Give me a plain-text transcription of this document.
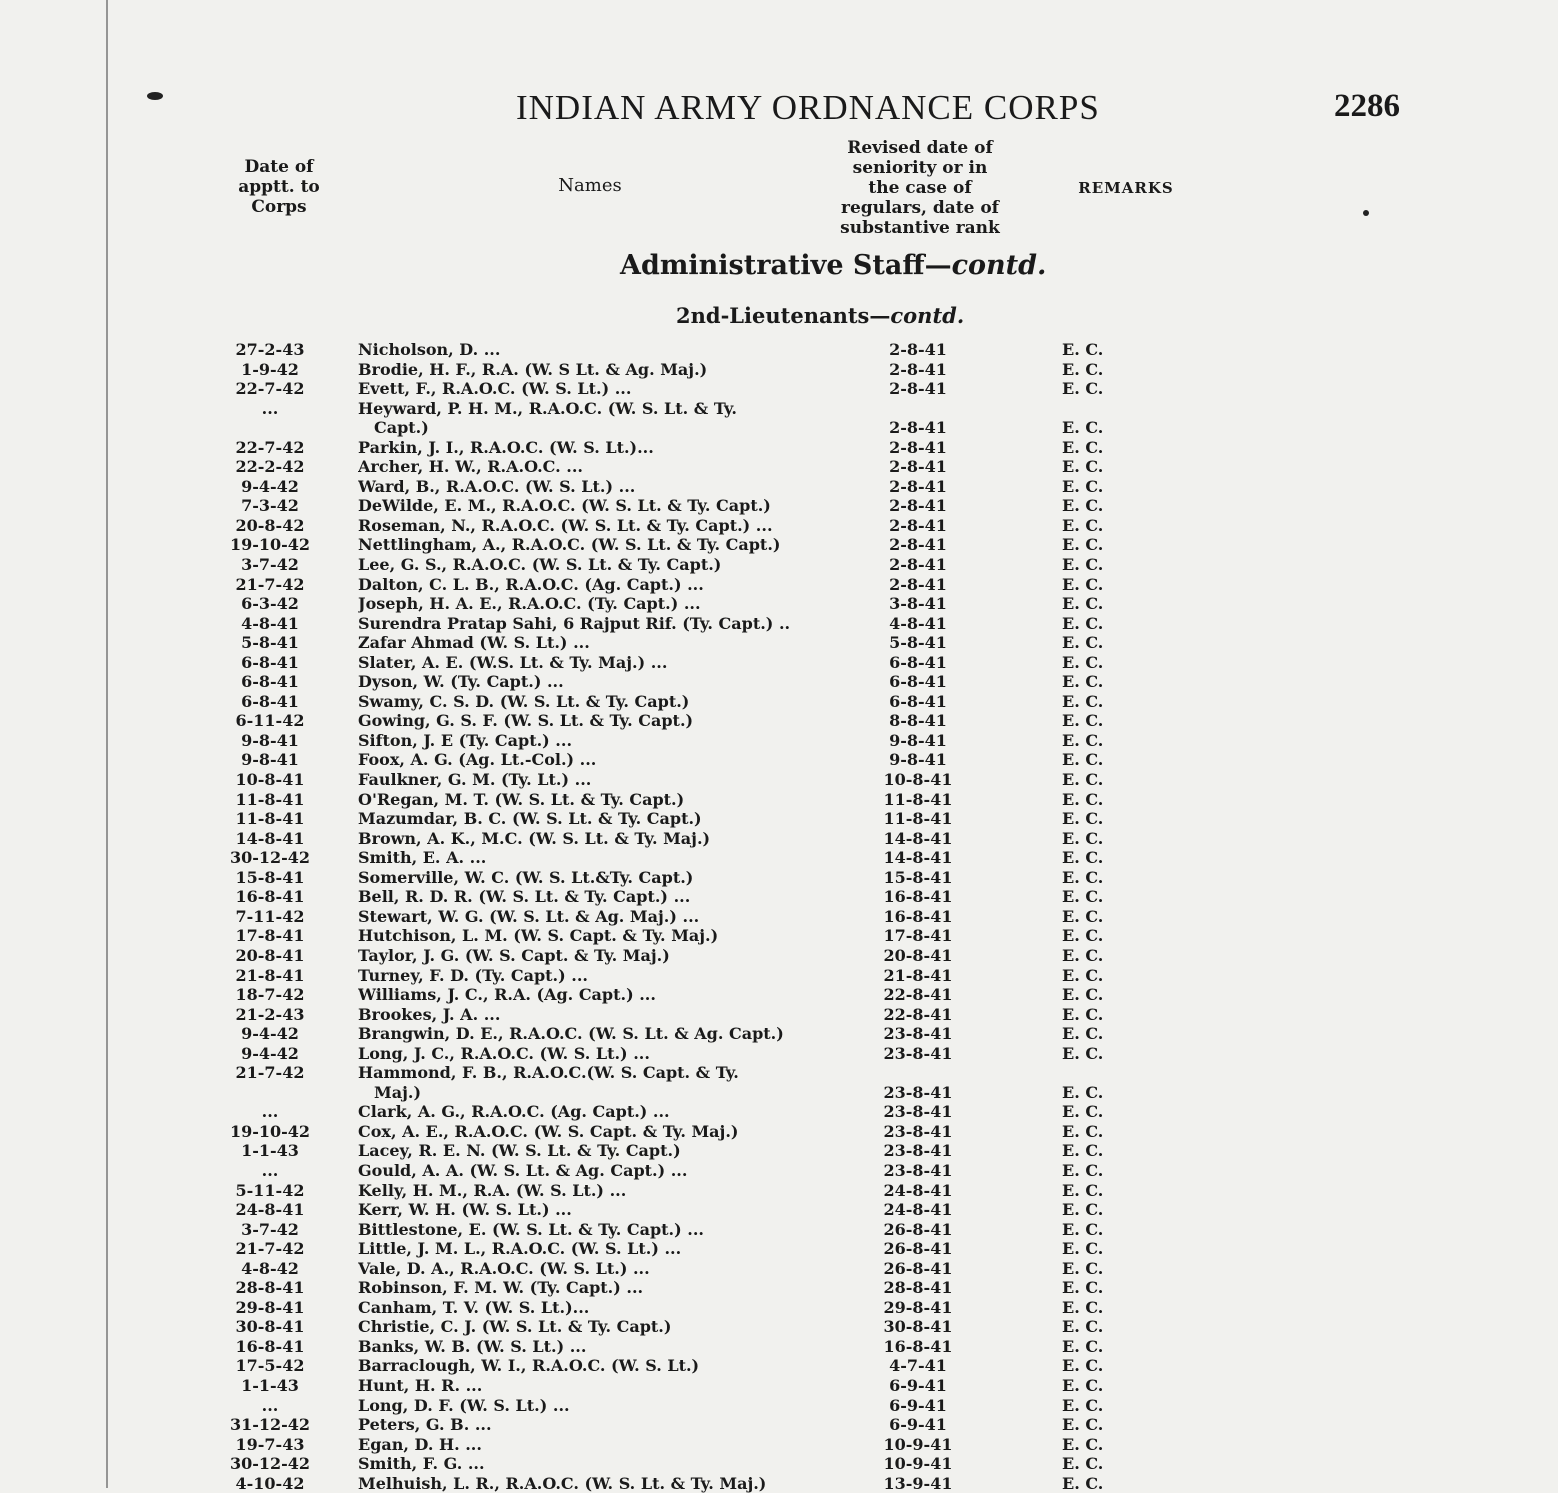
INDIAN ARMY ORDNANCE CORPS	2286
Date of
apptt. to
Corps
Names
Revised date of
seniority or in
the case of
regulars, date of
substantive rank
REMARKS
Administrative Staff—contd.
2nd-Lieutenants—contd.
27-2-43	Nicholson, D. ...	2-8-41	E. C.
1-9-42	Brodie, H. F., R.A. (W. S Lt. & Ag. Maj.)	2-8-41	E. C.
22-7-42	Evett, F., R.A.O.C. (W. S. Lt.) ...	2-8-41	E. C.
...	Heyward, P. H. M., R.A.O.C. (W. S. Lt. & Ty.
Capt.)	2-8-41	E. C.
22-7-42	Parkin, J. I., R.A.O.C. (W. S. Lt.)...	2-8-41	E. C.
22-2-42	Archer, H. W., R.A.O.C. ...	2-8-41	E. C.
9-4-42	Ward, B., R.A.O.C. (W. S. Lt.) ...	2-8-41	E. C.
7-3-42	DeWilde, E. M., R.A.O.C. (W. S. Lt. & Ty. Capt.)	2-8-41	E. C.
20-8-42	Roseman, N., R.A.O.C. (W. S. Lt. & Ty. Capt.) ...	2-8-41	E. C.
19-10-42	Nettlingham, A., R.A.O.C. (W. S. Lt. & Ty. Capt.)	2-8-41	E. C.
3-7-42	Lee, G. S., R.A.O.C. (W. S. Lt. & Ty. Capt.)	2-8-41	E. C.
21-7-42	Dalton, C. L. B., R.A.O.C. (Ag. Capt.) ...	2-8-41	E. C.
6-3-42	Joseph, H. A. E., R.A.O.C. (Ty. Capt.) ...	3-8-41	E. C.
4-8-41	Surendra Pratap Sahi, 6 Rajput Rif. (Ty. Capt.) ..	4-8-41	E. C.
5-8-41	Zafar Ahmad (W. S. Lt.) ...	5-8-41	E. C.
6-8-41	Slater, A. E. (W.S. Lt. & Ty. Maj.) ...	6-8-41	E. C.
6-8-41	Dyson, W. (Ty. Capt.) ...	6-8-41	E. C.
6-8-41	Swamy, C. S. D. (W. S. Lt. & Ty. Capt.)	6-8-41	E. C.
6-11-42	Gowing, G. S. F. (W. S. Lt. & Ty. Capt.)	8-8-41	E. C.
9-8-41	Sifton, J. E (Ty. Capt.) ...	9-8-41	E. C.
9-8-41	Foox, A. G. (Ag. Lt.-Col.) ...	9-8-41	E. C.
10-8-41	Faulkner, G. M. (Ty. Lt.) ...	10-8-41	E. C.
11-8-41	O'Regan, M. T. (W. S. Lt. & Ty. Capt.)	11-8-41	E. C.
11-8-41	Mazumdar, B. C. (W. S. Lt. & Ty. Capt.)	11-8-41	E. C.
14-8-41	Brown, A. K., M.C. (W. S. Lt. & Ty. Maj.)	14-8-41	E. C.
30-12-42	Smith, E. A. ...	14-8-41	E. C.
15-8-41	Somerville, W. C. (W. S. Lt.&Ty. Capt.)	15-8-41	E. C.
16-8-41	Bell, R. D. R. (W. S. Lt. & Ty. Capt.) ...	16-8-41	E. C.
7-11-42	Stewart, W. G. (W. S. Lt. & Ag. Maj.) ...	16-8-41	E. C.
17-8-41	Hutchison, L. M. (W. S. Capt. & Ty. Maj.)	17-8-41	E. C.
20-8-41	Taylor, J. G. (W. S. Capt. & Ty. Maj.)	20-8-41	E. C.
21-8-41	Turney, F. D. (Ty. Capt.) ...	21-8-41	E. C.
18-7-42	Williams, J. C., R.A. (Ag. Capt.) ...	22-8-41	E. C.
21-2-43	Brookes, J. A. ...	22-8-41	E. C.
9-4-42	Brangwin, D. E., R.A.O.C. (W. S. Lt. & Ag. Capt.)	23-8-41	E. C.
9-4-42	Long, J. C., R.A.O.C. (W. S. Lt.) ...	23-8-41	E. C.
21-7-42	Hammond, F. B., R.A.O.C.(W. S. Capt. & Ty.
Maj.)	23-8-41	E. C.
...	Clark, A. G., R.A.O.C. (Ag. Capt.) ...	23-8-41	E. C.
19-10-42	Cox, A. E., R.A.O.C. (W. S. Capt. & Ty. Maj.)	23-8-41	E. C.
1-1-43	Lacey, R. E. N. (W. S. Lt. & Ty. Capt.)	23-8-41	E. C.
...	Gould, A. A. (W. S. Lt. & Ag. Capt.) ...	23-8-41	E. C.
5-11-42	Kelly, H. M., R.A. (W. S. Lt.) ...	24-8-41	E. C.
24-8-41	Kerr, W. H. (W. S. Lt.) ...	24-8-41	E. C.
3-7-42	Bittlestone, E. (W. S. Lt. & Ty. Capt.) ...	26-8-41	E. C.
21-7-42	Little, J. M. L., R.A.O.C. (W. S. Lt.) ...	26-8-41	E. C.
4-8-42	Vale, D. A., R.A.O.C. (W. S. Lt.) ...	26-8-41	E. C.
28-8-41	Robinson, F. M. W. (Ty. Capt.) ...	28-8-41	E. C.
29-8-41	Canham, T. V. (W. S. Lt.)...	29-8-41	E. C.
30-8-41	Christie, C. J. (W. S. Lt. & Ty. Capt.)	30-8-41	E. C.
16-8-41	Banks, W. B. (W. S. Lt.) ...	16-8-41	E. C.
17-5-42	Barraclough, W. I., R.A.O.C. (W. S. Lt.)	4-7-41	E. C.
1-1-43	Hunt, H. R. ...	6-9-41	E. C.
...	Long, D. F. (W. S. Lt.) ...	6-9-41	E. C.
31-12-42	Peters, G. B. ...	6-9-41	E. C.
19-7-43	Egan, D. H. ...	10-9-41	E. C.
30-12-42	Smith, F. G. ...	10-9-41	E. C.
4-10-42	Melhuish, L. R., R.A.O.C. (W. S. Lt. & Ty. Maj.)	13-9-41	E. C.
